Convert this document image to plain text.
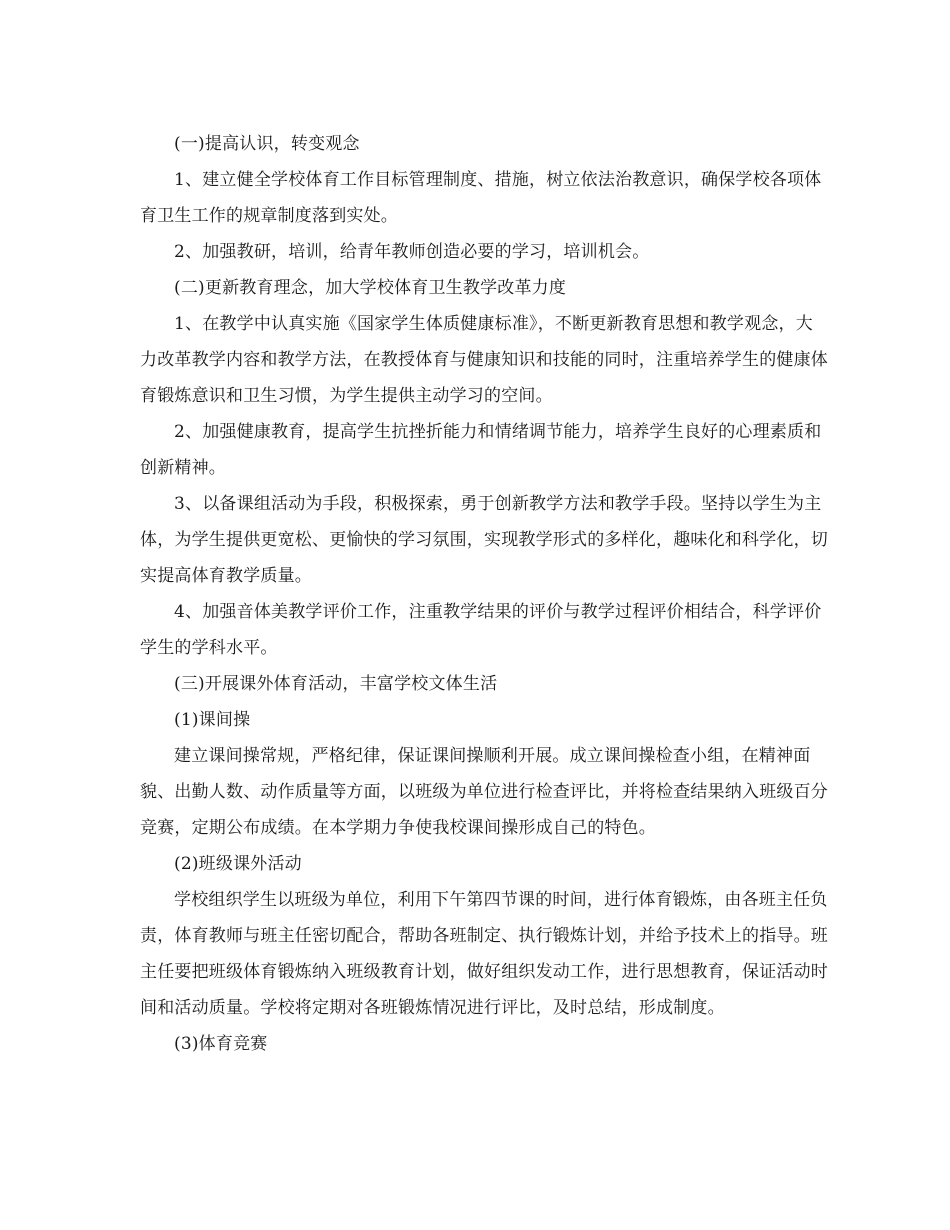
(一)提高认识，转变观念

1、建立健全学校体育工作目标管理制度、措施，树立依法治教意识，确保学校各项体育卫生工作的规章制度落到实处。

2、加强教研，培训，给青年教师创造必要的学习，培训机会。

(二)更新教育理念，加大学校体育卫生教学改革力度

1、在教学中认真实施《国家学生体质健康标准》，不断更新教育思想和教学观念，大力改革教学内容和教学方法，在教授体育与健康知识和技能的同时，注重培养学生的健康体育锻炼意识和卫生习惯，为学生提供主动学习的空间。

2、加强健康教育，提高学生抗挫折能力和情绪调节能力，培养学生良好的心理素质和创新精神。

3、以备课组活动为手段，积极探索，勇于创新教学方法和教学手段。坚持以学生为主体，为学生提供更宽松、更愉快的学习氛围，实现教学形式的多样化，趣味化和科学化，切实提高体育教学质量。

4、加强音体美教学评价工作，注重教学结果的评价与教学过程评价相结合，科学评价学生的学科水平。

(三)开展课外体育活动，丰富学校文体生活

(1)课间操

建立课间操常规，严格纪律，保证课间操顺利开展。成立课间操检查小组，在精神面貌、出勤人数、动作质量等方面，以班级为单位进行检查评比，并将检查结果纳入班级百分竞赛，定期公布成绩。在本学期力争使我校课间操形成自己的特色。

(2)班级课外活动

学校组织学生以班级为单位，利用下午第四节课的时间，进行体育锻炼，由各班主任负责，体育教师与班主任密切配合，帮助各班制定、执行锻炼计划，并给予技术上的指导。班主任要把班级体育锻炼纳入班级教育计划，做好组织发动工作，进行思想教育，保证活动时间和活动质量。学校将定期对各班锻炼情况进行评比，及时总结，形成制度。

(3)体育竞赛
